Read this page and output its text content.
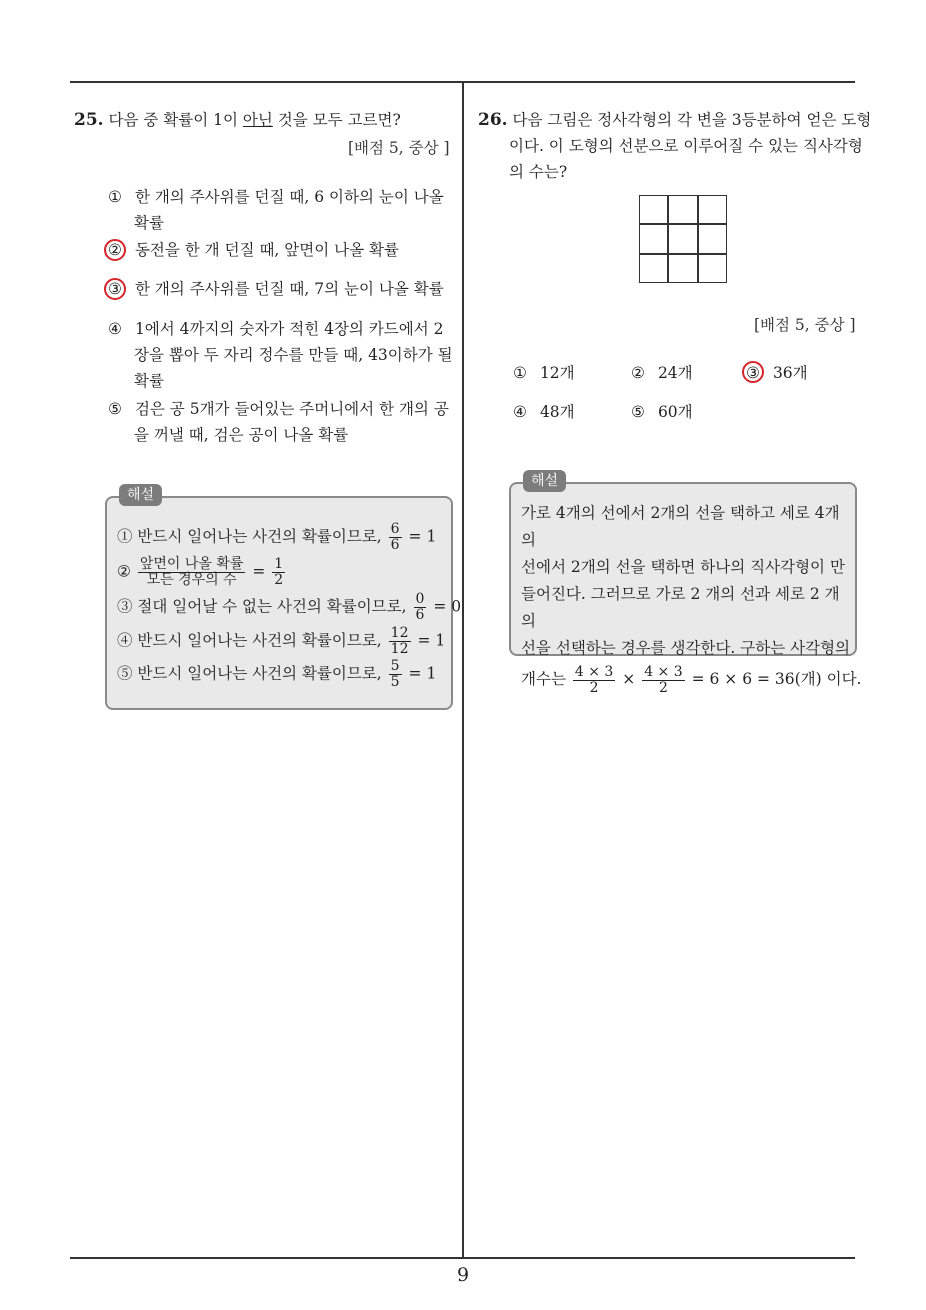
9
25. 다음 중 확률이 1이 아닌 것을 모두 고르면?
[배점 5, 중상 ]
① 한 개의 주사위를 던질 때, 6 이하의 눈이 나올
확률
② 동전을 한 개 던질 때, 앞면이 나올 확률
③ 한 개의 주사위를 던질 때, 7의 눈이 나올 확률
④ 1에서 4까지의 숫자가 적힌 4장의 카드에서 2
장을 뽑아 두 자리 정수를 만들 때, 43이하가 될
확률
⑤ 검은 공 5개가 들어있는 주머니에서 한 개의 공
을 꺼낼 때, 검은 공이 나올 확률
해설
① 반드시 일어나는 사건의 확률이므로, $\frac{6}{6} = 1$
② $\frac{\text{앞면이 나올 확률}}{\text{모든 경우의 수}} = \frac{1}{2}$
③ 절대 일어날 수 없는 사건의 확률이므로, $\frac{0}{6} = 0$
④ 반드시 일어나는 사건의 확률이므로, $\frac{12}{12} = 1$
⑤ 반드시 일어나는 사건의 확률이므로, $\frac{5}{5} = 1$
26. 다음 그림은 정사각형의 각 변을 3등분하여 얻은 도형
이다. 이 도형의 선분으로 이루어질 수 있는 직사각형
의 수는?
[배점 5, 중상 ]
① 12개	② 24개	③ 36개
④ 48개	⑤ 60개
해설
가로 4개의 선에서 2개의 선을 택하고 세로 4개의
선에서 2개의 선을 택하면 하나의 직사각형이 만
들어진다. 그러므로 가로 2 개의 선과 세로 2 개의
선을 선택하는 경우를 생각한다. 구하는 사각형의
개수는 $\frac{4 \times 3}{2} \times \frac{4 \times 3}{2} = 6 \times 6 = 36$(개) 이다.
